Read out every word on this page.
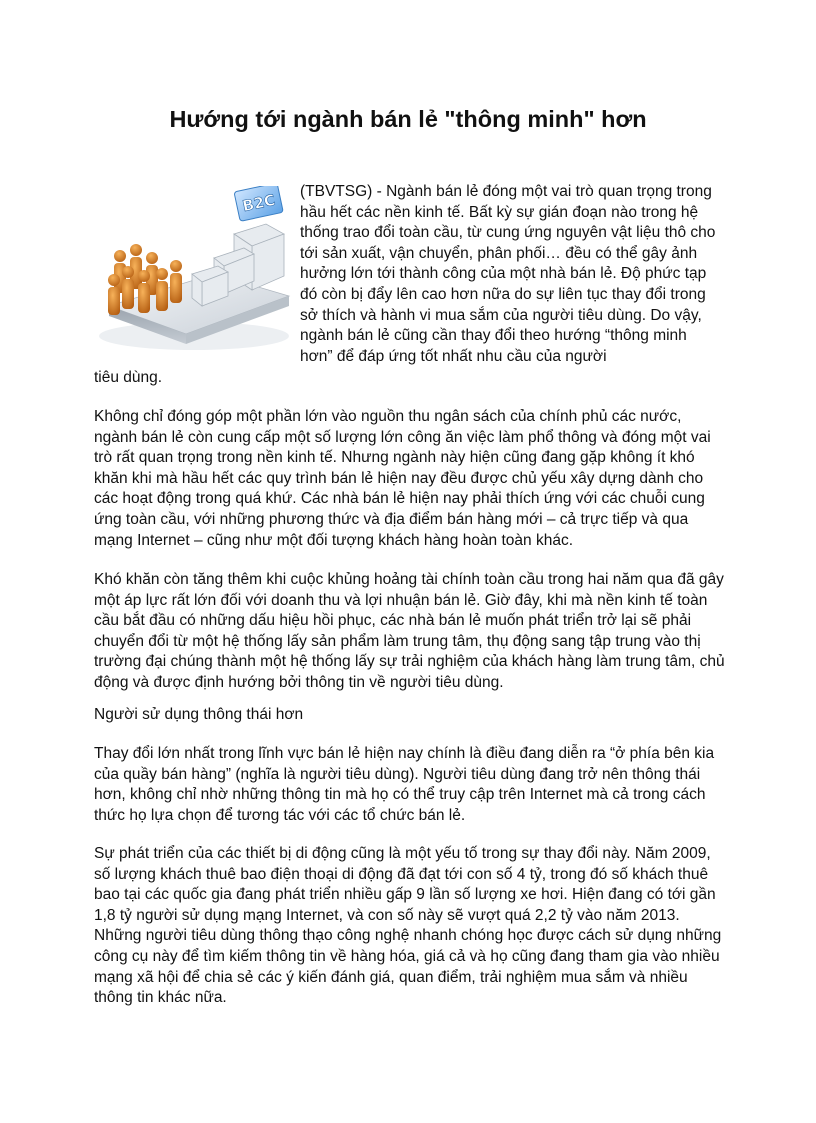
Hướng tới ngành bán lẻ "thông minh" hơn
B2C (TBVTSG) - Ngành bán lẻ đóng một vai trò quan trọng trong hầu hết các nền kinh tế. Bất kỳ sự gián đoạn nào trong hệ thống trao đổi toàn cầu, từ cung ứng nguyên vật liệu thô cho tới sản xuất, vận chuyển, phân phối… đều có thể gây ảnh hưởng lớn tới thành công của một nhà bán lẻ. Độ phức tạp đó còn bị đẩy lên cao hơn nữa do sự liên tục thay đổi trong sở thích và hành vi mua sắm của người tiêu dùng. Do vậy, ngành bán lẻ cũng cần thay đổi theo hướng “thông minh hơn” để đáp ứng tốt nhất nhu cầu của người

tiêu dùng.

Không chỉ đóng góp một phần lớn vào nguồn thu ngân sách của chính phủ các nước, ngành bán lẻ còn cung cấp một số lượng lớn công ăn việc làm phổ thông và đóng một vai trò rất quan trọng trong nền kinh tế. Nhưng ngành này hiện cũng đang gặp không ít khó khăn khi mà hầu hết các quy trình bán lẻ hiện nay đều được chủ yếu xây dựng dành cho các hoạt động trong quá khứ. Các nhà bán lẻ hiện nay phải thích ứng với các chuỗi cung ứng toàn cầu, với những phương thức và địa điểm bán hàng mới – cả trực tiếp và qua mạng Internet – cũng như một đối tượng khách hàng hoàn toàn khác.

Khó khăn còn tăng thêm khi cuộc khủng hoảng tài chính toàn cầu trong hai năm qua đã gây một áp lực rất lớn đối với doanh thu và lợi nhuận bán lẻ. Giờ đây, khi mà nền kinh tế toàn cầu bắt đầu có những dấu hiệu hồi phục, các nhà bán lẻ muốn phát triển trở lại sẽ phải chuyển đổi từ một hệ thống lấy sản phẩm làm trung tâm, thụ động sang tập trung vào thị trường đại chúng thành một hệ thống lấy sự trải nghiệm của khách hàng làm trung tâm, chủ động và được định hướng bởi thông tin về người tiêu dùng.

Người sử dụng thông thái hơn

Thay đổi lớn nhất trong lĩnh vực bán lẻ hiện nay chính là điều đang diễn ra “ở phía bên kia của quầy bán hàng” (nghĩa là người tiêu dùng). Người tiêu dùng đang trở nên thông thái hơn, không chỉ nhờ những thông tin mà họ có thể truy cập trên Internet mà cả trong cách thức họ lựa chọn để tương tác với các tổ chức bán lẻ.

Sự phát triển của các thiết bị di động cũng là một yếu tố trong sự thay đổi này. Năm 2009, số lượng khách thuê bao điện thoại di động đã đạt tới con số 4 tỷ, trong đó số khách thuê bao tại các quốc gia đang phát triển nhiều gấp 9 lần số lượng xe hơi. Hiện đang có tới gần 1,8 tỷ người sử dụng mạng Internet, và con số này sẽ vượt quá 2,2 tỷ vào năm 2013. Những người tiêu dùng thông thạo công nghệ nhanh chóng học được cách sử dụng những công cụ này để tìm kiếm thông tin về hàng hóa, giá cả và họ cũng đang tham gia vào nhiều mạng xã hội để chia sẻ các ý kiến đánh giá, quan điểm, trải nghiệm mua sắm và nhiều thông tin khác nữa.
